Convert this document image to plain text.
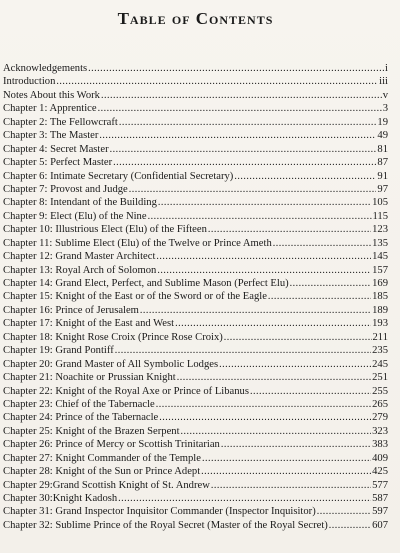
Table of Contents
Acknowledgements .....	i
Introduction .....	iii
Notes About this Work .....	v
Chapter 1: Apprentice .....	3
Chapter 2: The Fellowcraft .....	19
Chapter 3: The Master .....	49
Chapter 4: Secret Master .....	81
Chapter 5: Perfect Master .....	87
Chapter 6: Intimate Secretary (Confidential Secretary) .....	91
Chapter 7: Provost and Judge .....	97
Chapter 8: Intendant of the Building .....	105
Chapter 9: Elect (Elu) of the Nine .....	115
Chapter 10: Illustrious Elect (Elu) of the Fifteen .....	123
Chapter 11: Sublime Elect (Elu) of the Twelve or Prince Ameth .....	135
Chapter 12: Grand Master Architect .....	145
Chapter 13: Royal Arch of Solomon .....	157
Chapter 14: Grand Elect, Perfect, and Sublime Mason (Perfect Elu) .....	169
Chapter 15: Knight of the East or of the Sword or of the Eagle .....	185
Chapter 16: Prince of Jerusalem .....	189
Chapter 17: Knight of the East and West .....	193
Chapter 18: Knight Rose Croix (Prince Rose Croix) .....	211
Chapter 19: Grand Pontiff .....	235
Chapter 20: Grand Master of All Symbolic Lodges .....	245
Chapter 21: Noachite or Prussian Knight .....	251
Chapter 22: Knight of the Royal Axe or Prince of Libanus .....	255
Chapter 23: Chief of the Tabernacle .....	265
Chapter 24: Prince of the Tabernacle .....	279
Chapter 25: Knight of the Brazen Serpent .....	323
Chapter 26: Prince of Mercy or Scottish Trinitarian .....	383
Chapter 27: Knight Commander of the Temple .....	409
Chapter 28: Knight of the Sun or Prince Adept .....	425
Chapter 29:Grand Scottish Knight of St. Andrew .....	577
Chapter 30:Knight Kadosh .....	587
Chapter 31: Grand Inspector Inquisitor Commander (Inspector Inquisitor) .....	597
Chapter 32: Sublime Prince of the Royal Secret (Master of the Royal Secret) .....	607
